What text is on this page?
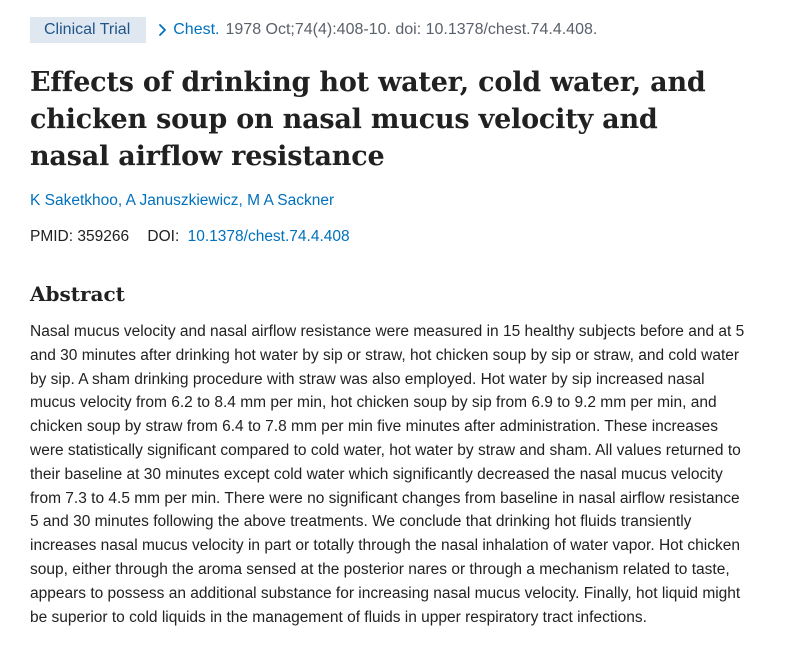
Clinical Trial	Chest. 1978 Oct;74(4):408-10. doi: 10.1378/chest.74.4.408.
Effects of drinking hot water, cold water, and chicken soup on nasal mucus velocity and nasal airflow resistance
K Saketkhoo, A Januszkiewicz, M A Sackner
PMID: 359266 DOI: 10.1378/chest.74.4.408
Abstract

Nasal mucus velocity and nasal airflow resistance were measured in 15 healthy subjects before and at 5 and 30 minutes after drinking hot water by sip or straw, hot chicken soup by sip or straw, and cold water by sip. A sham drinking procedure with straw was also employed. Hot water by sip increased nasal mucus velocity from 6.2 to 8.4 mm per min, hot chicken soup by sip from 6.9 to 9.2 mm per min, and chicken soup by straw from 6.4 to 7.8 mm per min five minutes after administration. These increases were statistically significant compared to cold water, hot water by straw and sham. All values returned to their baseline at 30 minutes except cold water which significantly decreased the nasal mucus velocity from 7.3 to 4.5 mm per min. There were no significant changes from baseline in nasal airflow resistance 5 and 30 minutes following the above treatments. We conclude that drinking hot fluids transiently increases nasal mucus velocity in part or totally through the nasal inhalation of water vapor. Hot chicken soup, either through the aroma sensed at the posterior nares or through a mechanism related to taste, appears to possess an additional substance for increasing nasal mucus velocity. Finally, hot liquid might be superior to cold liquids in the management of fluids in upper respiratory tract infections.
